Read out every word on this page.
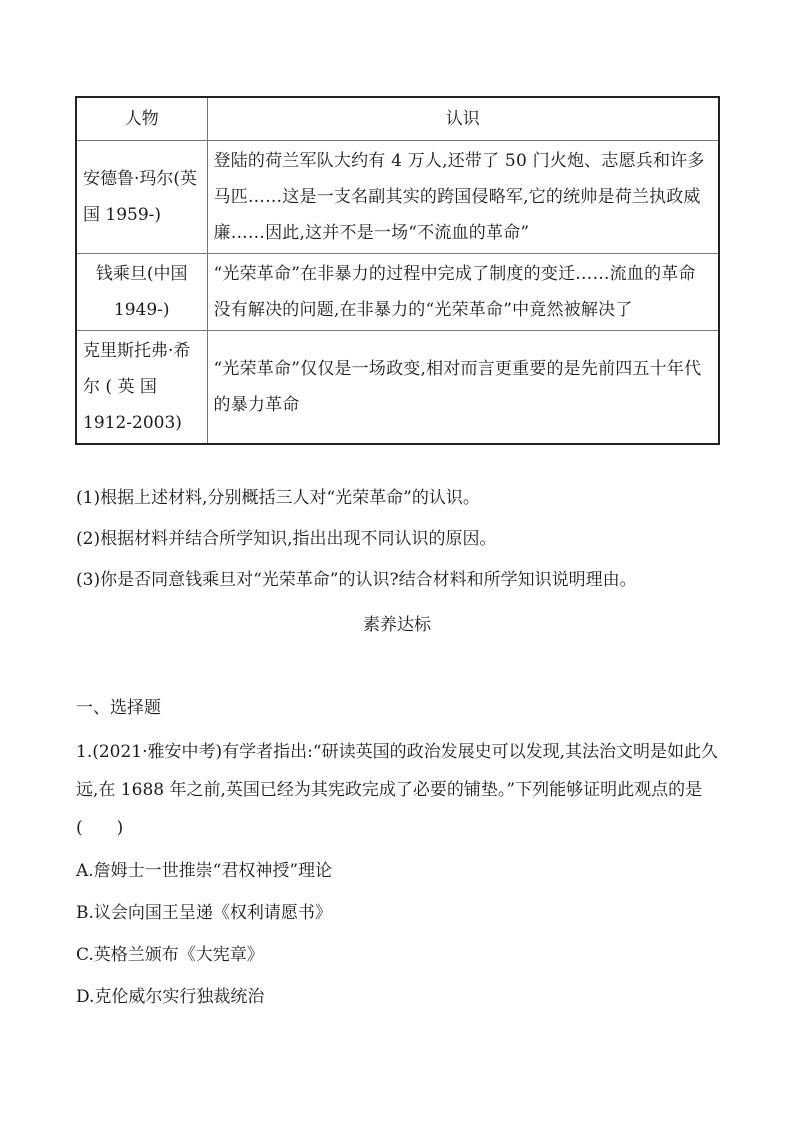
人物	认识
安德鲁·玛尔(英国 1959-)	登陆的荷兰军队大约有 4 万人,还带了 50 门火炮、志愿兵和许多马匹……这是一支名副其实的跨国侵略军,它的统帅是荷兰执政威廉……因此,这并不是一场“不流血的革命”
钱乘旦(中国 1949-)	“光荣革命”在非暴力的过程中完成了制度的变迁……流血的革命没有解决的问题,在非暴力的“光荣革命”中竟然被解决了
克里斯托弗·希尔 ( 英 国 1912-2003)	“光荣革命”仅仅是一场政变,相对而言更重要的是先前四五十年代的暴力革命
(1)根据上述材料,分别概括三人对“光荣革命”的认识。
(2)根据材料并结合所学知识,指出出现不同认识的原因。
(3)你是否同意钱乘旦对“光荣革命”的认识?结合材料和所学知识说明理由。
素养达标
一、选择题
1.(2021·雅安中考)有学者指出:“研读英国的政治发展史可以发现,其法治文明是如此久远,在 1688 年之前,英国已经为其宪政完成了必要的铺垫。”下列能够证明此观点的是(　　)
A.詹姆士一世推崇“君权神授”理论
B.议会向国王呈递《权利请愿书》
C.英格兰颁布《大宪章》
D.克伦威尔实行独裁统治
